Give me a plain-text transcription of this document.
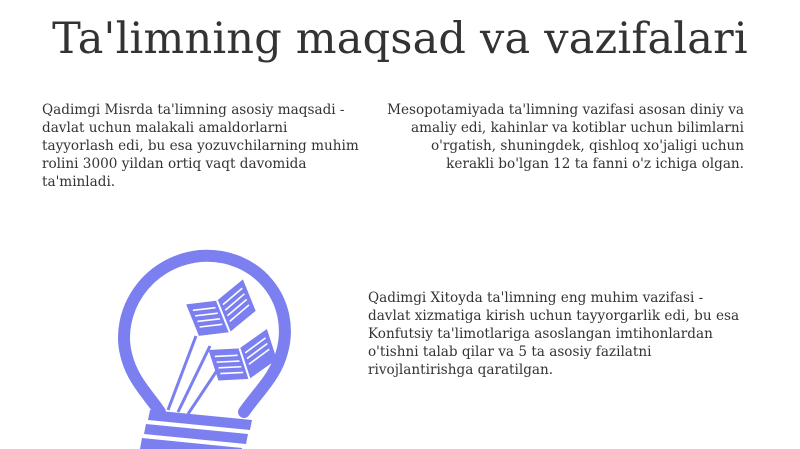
Ta'limning maqsad va vazifalari

Qadimgi Misrda ta'limning asosiy maqsadi - davlat uchun malakali amaldorlarni tayyorlash edi, bu esa yozuvchilarning muhim rolini 3000 yildan ortiq vaqt davomida ta'minladi.

Mesopotamiyada ta'limning vazifasi asosan diniy va amaliy edi, kahinlar va kotiblar uchun bilimlarni o'rgatish, shuningdek, qishloq xo'jaligi uchun kerakli bo'lgan 12 ta fanni o'z ichiga olgan.

Qadimgi Xitoyda ta'limning eng muhim vazifasi - davlat xizmatiga kirish uchun tayyorgarlik edi, bu esa Konfutsiy ta'limotlariga asoslangan imtihonlardan o'tishni talab qilar va 5 ta asosiy fazilatni rivojlantirishga qaratilgan.
